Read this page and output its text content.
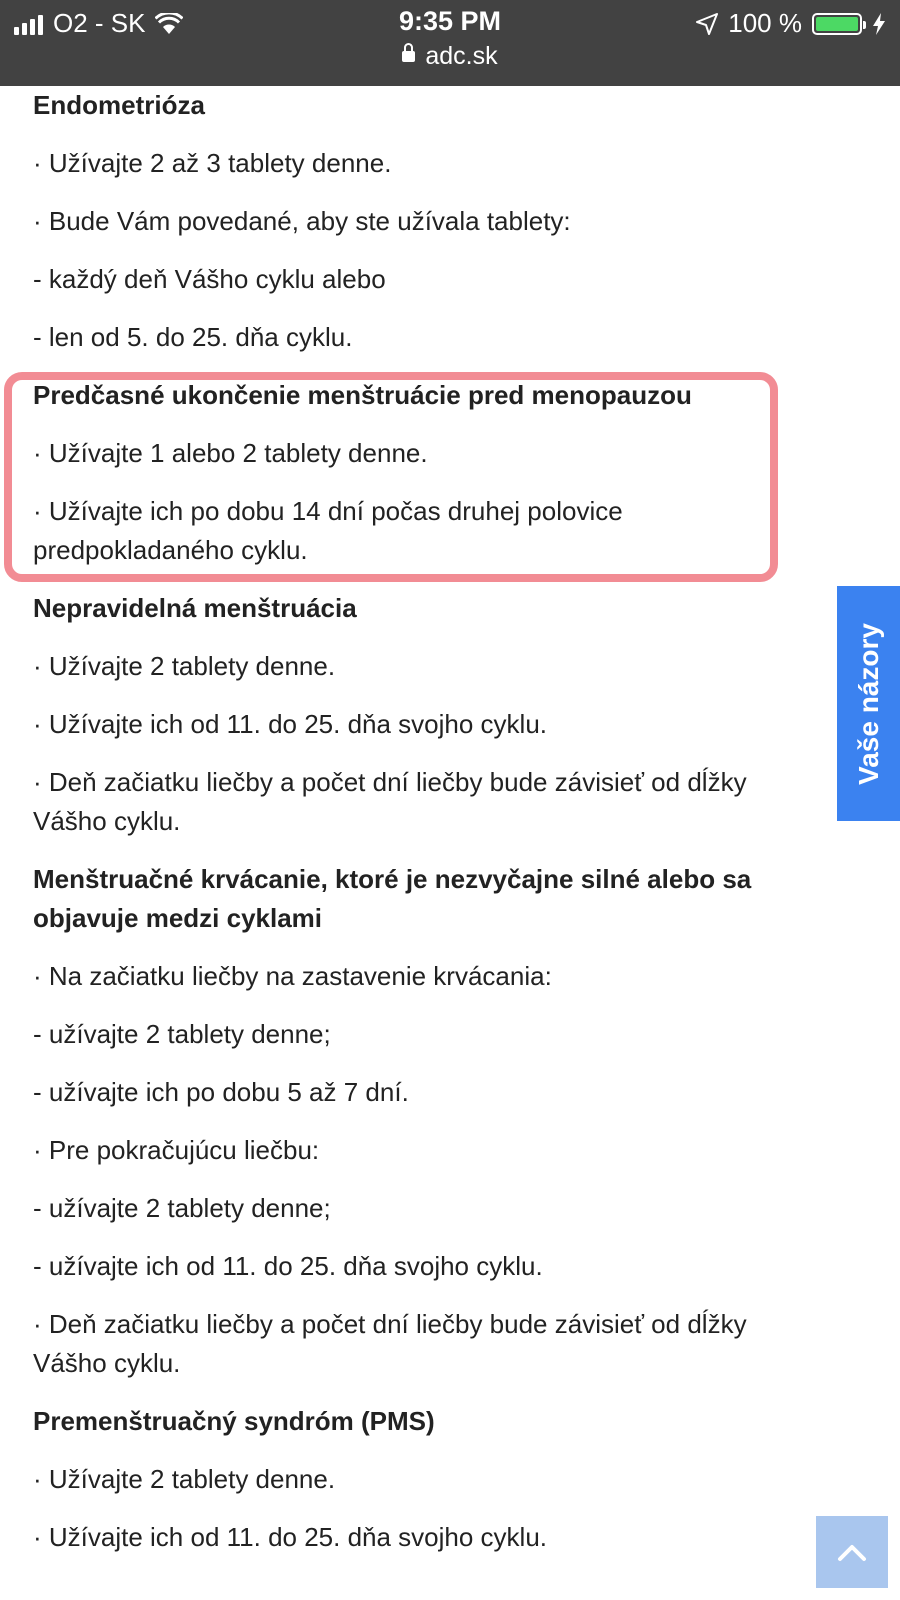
O2 - SK	9:35 PM
adc.sk
100 %
Endometrióza

· Užívajte 2 až 3 tablety denne.

· Bude Vám povedané, aby ste užívala tablety:

- každý deň Vášho cyklu alebo

- len od 5. do 25. dňa cyklu.

Predčasné ukončenie menštruácie pred menopauzou

· Užívajte 1 alebo 2 tablety denne.

· Užívajte ich po dobu 14 dní počas druhej polovice predpokladaného cyklu.

Nepravidelná menštruácia

· Užívajte 2 tablety denne.

· Užívajte ich od 11. do 25. dňa svojho cyklu.

· Deň začiatku liečby a počet dní liečby bude závisieť od dĺžky Vášho cyklu.

Menštruačné krvácanie, ktoré je nezvyčajne silné alebo sa objavuje medzi cyklami

· Na začiatku liečby na zastavenie krvácania:

- užívajte 2 tablety denne;

- užívajte ich po dobu 5 až 7 dní.

· Pre pokračujúcu liečbu:

- užívajte 2 tablety denne;

- užívajte ich od 11. do 25. dňa svojho cyklu.

· Deň začiatku liečby a počet dní liečby bude závisieť od dĺžky Vášho cyklu.

Premenštruačný syndróm (PMS)

· Užívajte 2 tablety denne.

· Užívajte ich od 11. do 25. dňa svojho cyklu.

Vaše názory
